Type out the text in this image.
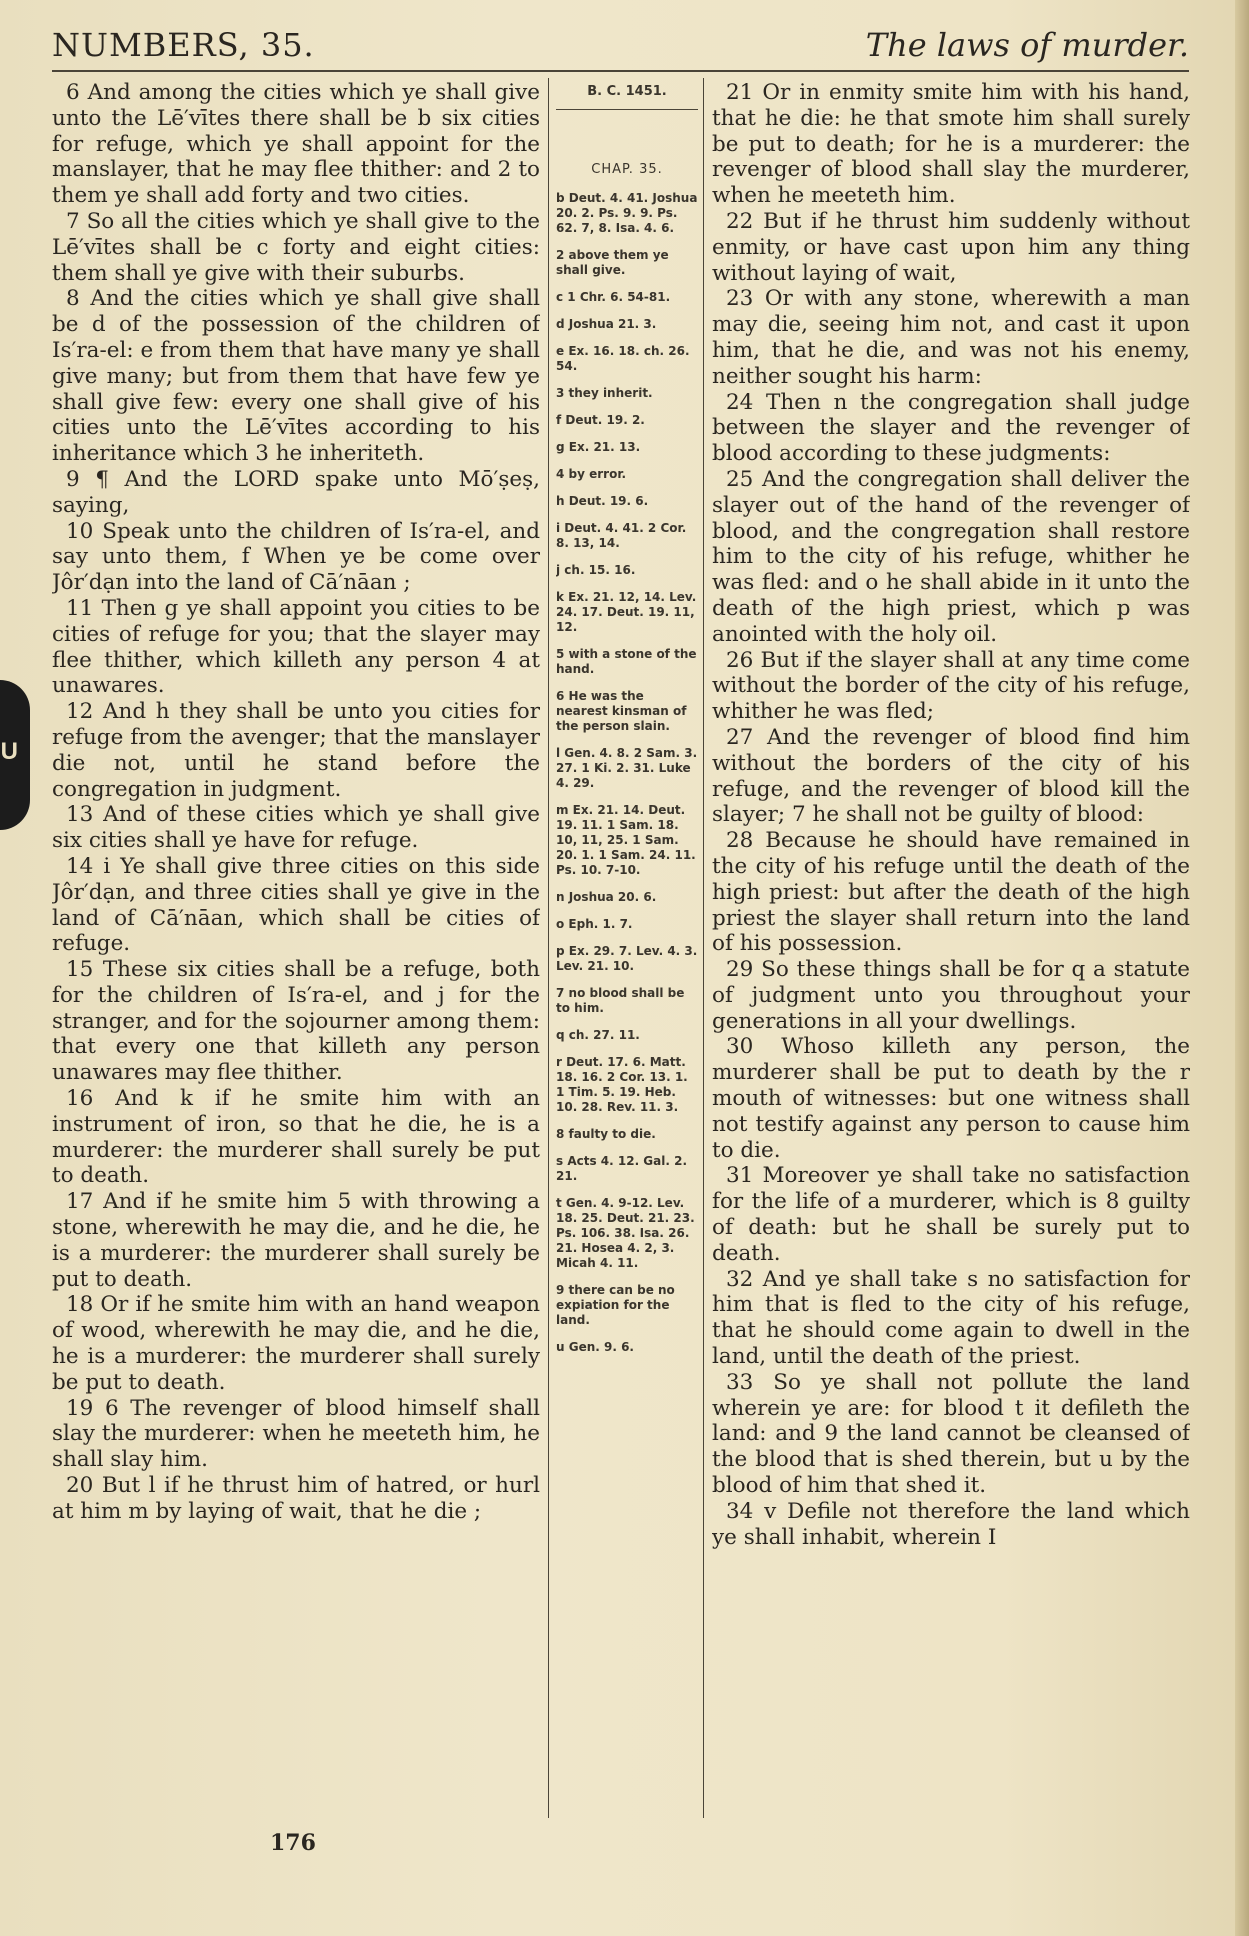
U
NUMBERS, 35.	The laws of murder.

6 And among the cities which ye shall give unto the Lē′vītes there shall be b six cities for refuge, which ye shall appoint for the manslayer, that he may flee thither: and 2 to them ye shall add forty and two cities.

7 So all the cities which ye shall give to the Lē′vītes shall be c forty and eight cities: them shall ye give with their suburbs.

8 And the cities which ye shall give shall be d of the possession of the children of Is′ra-el: e from them that have many ye shall give many; but from them that have few ye shall give few: every one shall give of his cities unto the Lē′vītes according to his inheritance which 3 he inheriteth.

9 ¶ And the LORD spake unto Mō′ṣeṣ, saying,

10 Speak unto the children of Is′ra-el, and say unto them, f When ye be come over Jôr′dạn into the land of Cā′nāan ;

11 Then g ye shall appoint you cities to be cities of refuge for you; that the slayer may flee thither, which killeth any person 4 at unawares.

12 And h they shall be unto you cities for refuge from the avenger; that the manslayer die not, until he stand before the congregation in judgment.

13 And of these cities which ye shall give six cities shall ye have for refuge.

14 i Ye shall give three cities on this side Jôr′dạn, and three cities shall ye give in the land of Cā′nāan, which shall be cities of refuge.

15 These six cities shall be a refuge, both for the children of Is′ra-el, and j for the stranger, and for the sojourner among them: that every one that killeth any person unawares may flee thither.

16 And k if he smite him with an instrument of iron, so that he die, he is a murderer: the murderer shall surely be put to death.

17 And if he smite him 5 with throwing a stone, wherewith he may die, and he die, he is a murderer: the murderer shall surely be put to death.

18 Or if he smite him with an hand weapon of wood, wherewith he may die, and he die, he is a murderer: the murderer shall surely be put to death.

19 6 The revenger of blood himself shall slay the murderer: when he meeteth him, he shall slay him.

20 But l if he thrust him of hatred, or hurl at him m by laying of wait, that he die ;

B. C. 1451.
CHAP. 35.
b Deut. 4. 41. Joshua 20. 2. Ps. 9. 9. Ps. 62. 7, 8. Isa. 4. 6.
2 above them ye shall give.
c 1 Chr. 6. 54-81.
d Joshua 21. 3.
e Ex. 16. 18. ch. 26. 54.
3 they inherit.
f Deut. 19. 2.
g Ex. 21. 13.
4 by error.
h Deut. 19. 6.
i Deut. 4. 41. 2 Cor. 8. 13, 14.
j ch. 15. 16.
k Ex. 21. 12, 14. Lev. 24. 17. Deut. 19. 11, 12.
5 with a stone of the hand.
6 He was the nearest kinsman of the person slain.
l Gen. 4. 8. 2 Sam. 3. 27. 1 Ki. 2. 31. Luke 4. 29.
m Ex. 21. 14. Deut. 19. 11. 1 Sam. 18. 10, 11, 25. 1 Sam. 20. 1. 1 Sam. 24. 11. Ps. 10. 7-10.
n Joshua 20. 6.
o Eph. 1. 7.
p Ex. 29. 7. Lev. 4. 3. Lev. 21. 10.
7 no blood shall be to him.
q ch. 27. 11.
r Deut. 17. 6. Matt. 18. 16. 2 Cor. 13. 1. 1 Tim. 5. 19. Heb. 10. 28. Rev. 11. 3.
8 faulty to die.
s Acts 4. 12. Gal. 2. 21.
t Gen. 4. 9-12. Lev. 18. 25. Deut. 21. 23. Ps. 106. 38. Isa. 26. 21. Hosea 4. 2, 3. Micah 4. 11.
9 there can be no expiation for the land.
u Gen. 9. 6.

21 Or in enmity smite him with his hand, that he die: he that smote him shall surely be put to death; for he is a murderer: the revenger of blood shall slay the murderer, when he meeteth him.

22 But if he thrust him suddenly without enmity, or have cast upon him any thing without laying of wait,

23 Or with any stone, wherewith a man may die, seeing him not, and cast it upon him, that he die, and was not his enemy, neither sought his harm:

24 Then n the congregation shall judge between the slayer and the revenger of blood according to these judgments:

25 And the congregation shall deliver the slayer out of the hand of the revenger of blood, and the congregation shall restore him to the city of his refuge, whither he was fled: and o he shall abide in it unto the death of the high priest, which p was anointed with the holy oil.

26 But if the slayer shall at any time come without the border of the city of his refuge, whither he was fled;

27 And the revenger of blood find him without the borders of the city of his refuge, and the revenger of blood kill the slayer; 7 he shall not be guilty of blood:

28 Because he should have remained in the city of his refuge until the death of the high priest: but after the death of the high priest the slayer shall return into the land of his possession.

29 So these things shall be for q a statute of judgment unto you throughout your generations in all your dwellings.

30 Whoso killeth any person, the murderer shall be put to death by the r mouth of witnesses: but one witness shall not testify against any person to cause him to die.

31 Moreover ye shall take no satisfaction for the life of a murderer, which is 8 guilty of death: but he shall be surely put to death.

32 And ye shall take s no satisfaction for him that is fled to the city of his refuge, that he should come again to dwell in the land, until the death of the priest.

33 So ye shall not pollute the land wherein ye are: for blood t it defileth the land: and 9 the land cannot be cleansed of the blood that is shed therein, but u by the blood of him that shed it.

34 v Defile not therefore the land which ye shall inhabit, wherein I

176
